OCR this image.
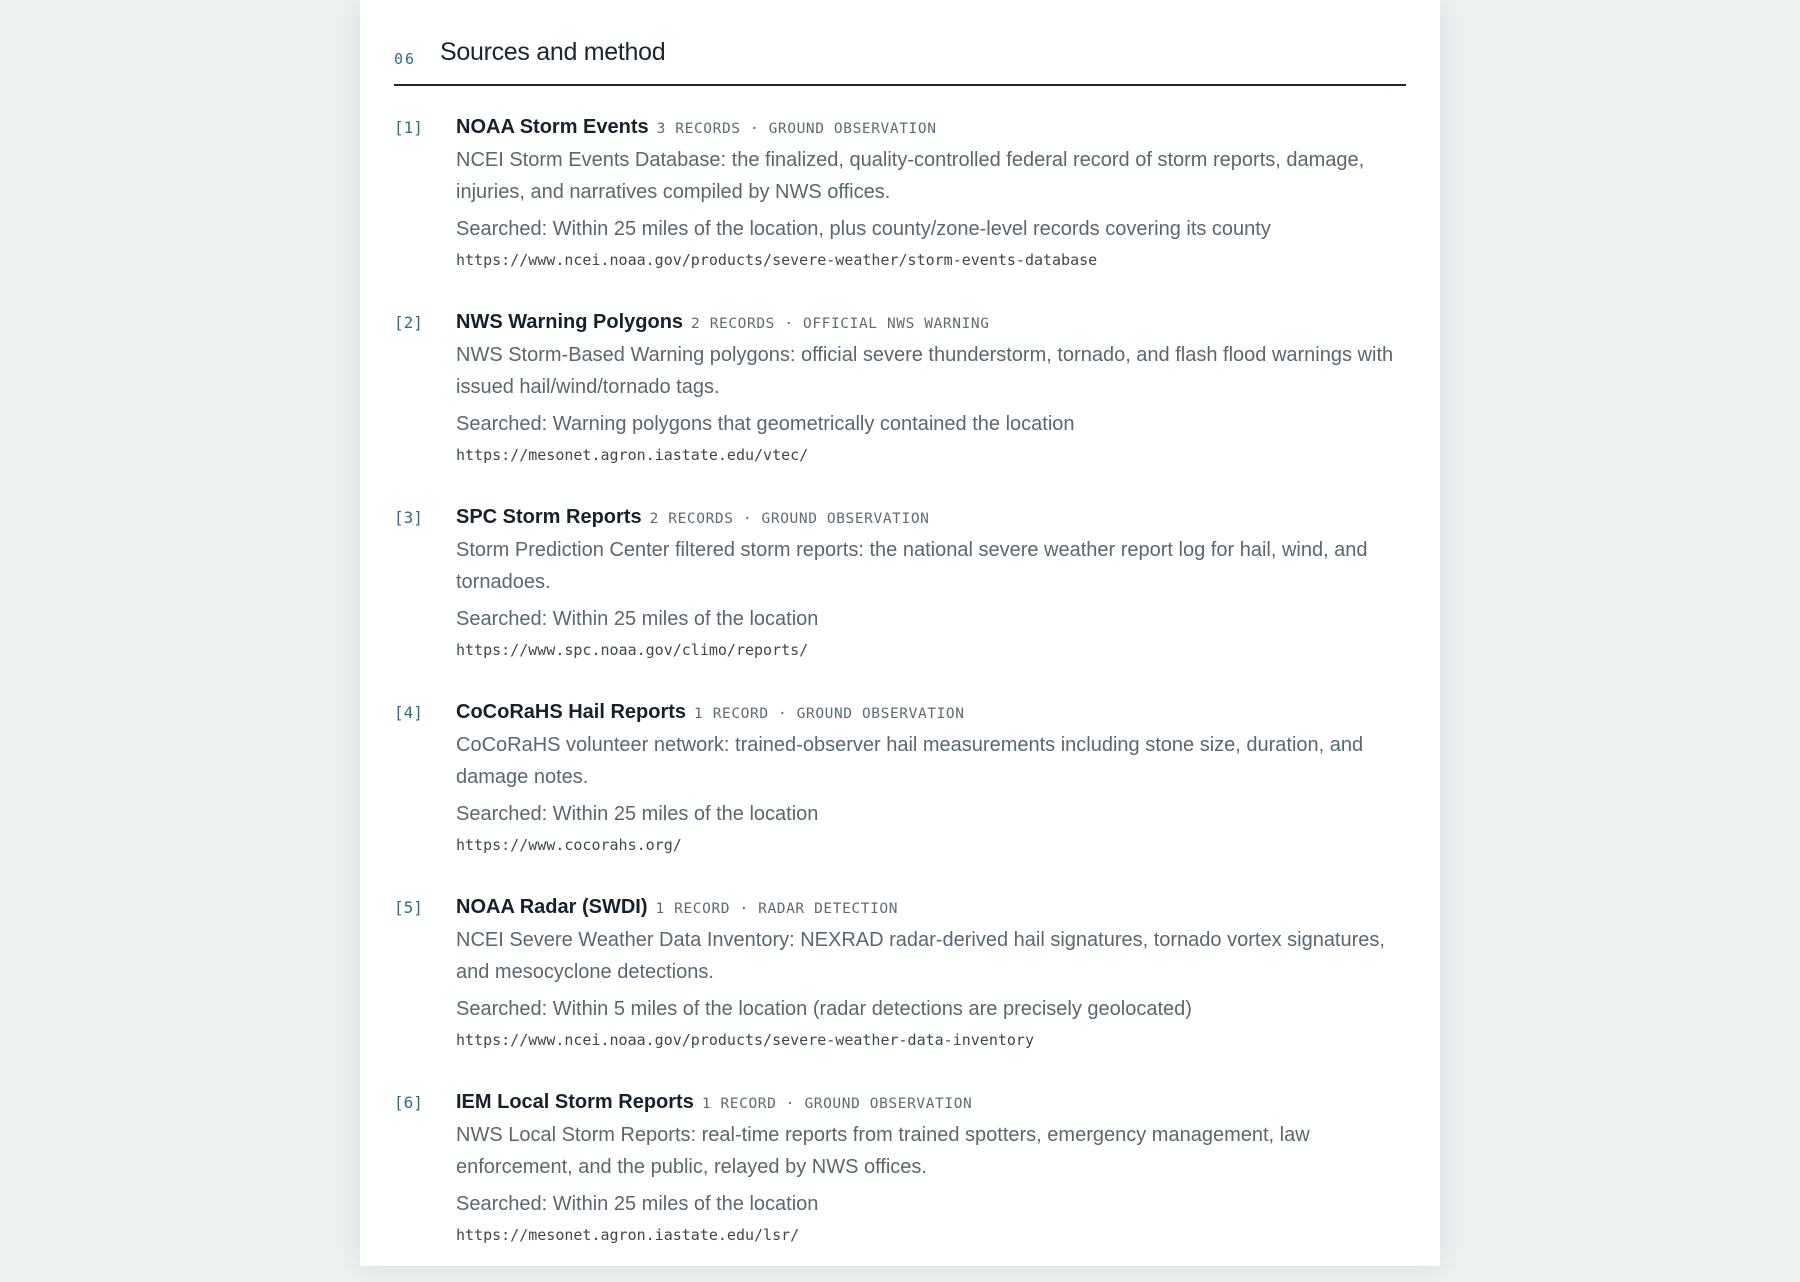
06 Sources and method
[1] NOAA Storm Events 3 RECORDS · GROUND OBSERVATION
NCEI Storm Events Database: the finalized, quality-controlled federal record of storm reports, damage, injuries, and narratives compiled by NWS offices.
Searched: Within 25 miles of the location, plus county/zone-level records covering its county
https://www.ncei.noaa.gov/products/severe-weather/storm-events-database
[2] NWS Warning Polygons 2 RECORDS · OFFICIAL NWS WARNING
NWS Storm-Based Warning polygons: official severe thunderstorm, tornado, and flash flood warnings with issued hail/wind/tornado tags.
Searched: Warning polygons that geometrically contained the location
https://mesonet.agron.iastate.edu/vtec/
[3] SPC Storm Reports 2 RECORDS · GROUND OBSERVATION
Storm Prediction Center filtered storm reports: the national severe weather report log for hail, wind, and tornadoes.
Searched: Within 25 miles of the location
https://www.spc.noaa.gov/climo/reports/
[4] CoCoRaHS Hail Reports 1 RECORD · GROUND OBSERVATION
CoCoRaHS volunteer network: trained-observer hail measurements including stone size, duration, and damage notes.
Searched: Within 25 miles of the location
https://www.cocorahs.org/
[5] NOAA Radar (SWDI) 1 RECORD · RADAR DETECTION
NCEI Severe Weather Data Inventory: NEXRAD radar-derived hail signatures, tornado vortex signatures, and mesocyclone detections.
Searched: Within 5 miles of the location (radar detections are precisely geolocated)
https://www.ncei.noaa.gov/products/severe-weather-data-inventory
[6] IEM Local Storm Reports 1 RECORD · GROUND OBSERVATION
NWS Local Storm Reports: real-time reports from trained spotters, emergency management, law enforcement, and the public, relayed by NWS offices.
Searched: Within 25 miles of the location
https://mesonet.agron.iastate.edu/lsr/
